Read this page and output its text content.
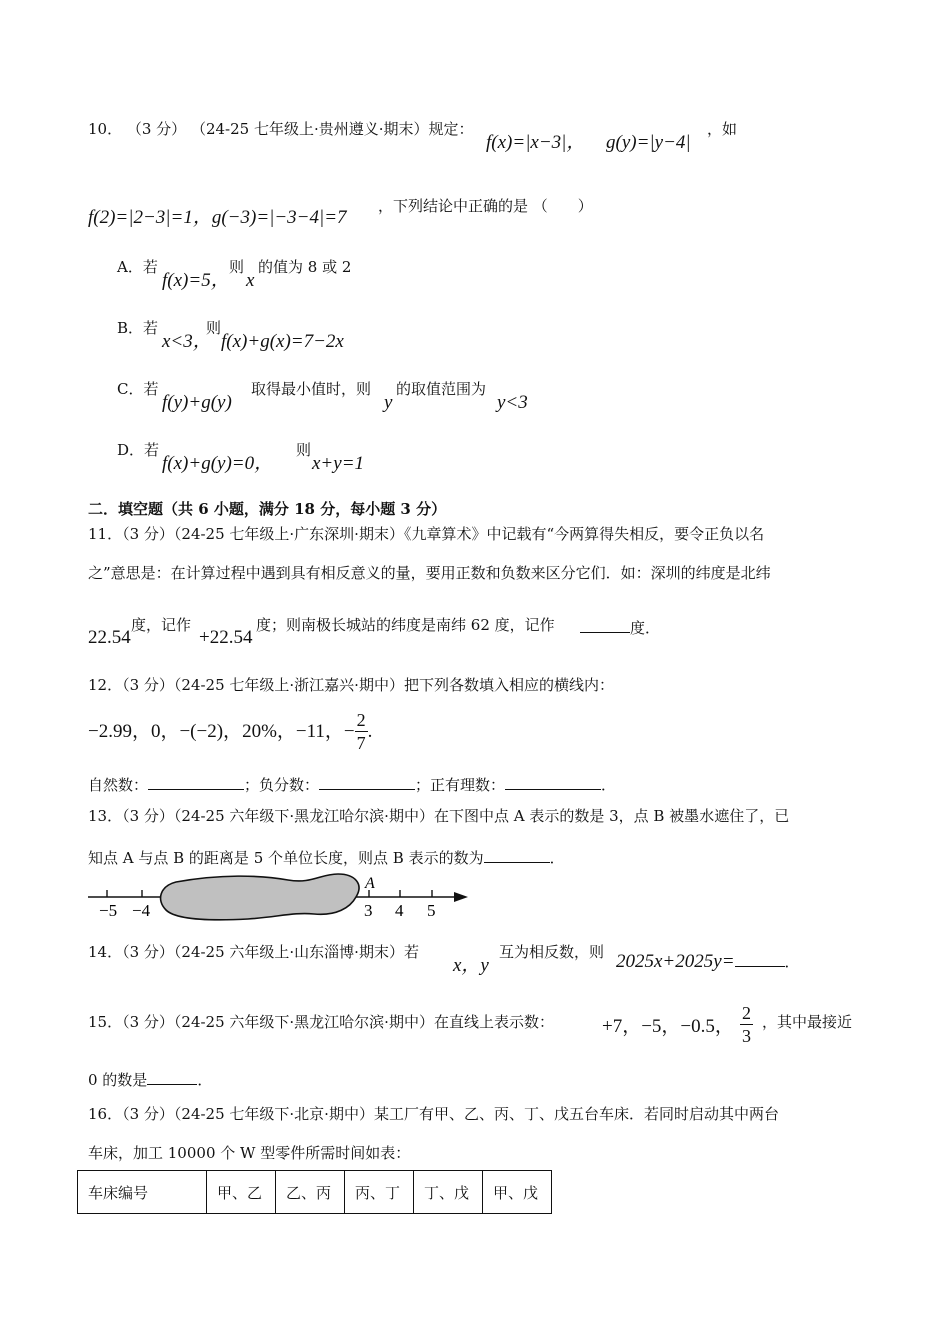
10． （3 分） （24-25 七年级上·贵州遵义·期末）规定：
f(x)=|x−3|， g(y)=|y−4|
，如
f(2)=|2−3|=1，g(−3)=|−3−4|=7
，下列结论中正确的是 （　　）
A．若
f(x)=5，
则
x
的值为 8 或 2
B．若
x<3，
则
f(x)+g(x)=7−2x
C．若
f(y)+g(y)
取得最小值时，则
y
的取值范围为
y<3
D．若
f(x)+g(y)=0，
则
x+y=1
二．填空题（共 6 小题，满分 18 分，每小题 3 分）
11．（3 分）（24-25 七年级上·广东深圳·期末）《九章算术》中记载有“今两算得失相反，要令正负以名
之”意思是：在计算过程中遇到具有相反意义的量，要用正数和负数来区分它们．如：深圳的纬度是北纬
22.54
度，记作
+22.54
度；则南极长城站的纬度是南纬 62 度，记作	度．
12．（3 分）（24-25 七年级上·浙江嘉兴·期中）把下列各数填入相应的横线内：
−2.99，0，−(−2)， 20% ，−11，− $\frac{2}{7}$ .
自然数：	；负分数：	；正有理数：	．
13．（3 分）（24-25 六年级下·黑龙江哈尔滨·期中）在下图中点 A 表示的数是 3，点 B 被墨水遮住了，已
知点 A 与点 B 的距离是 5 个单位长度，则点 B 表示的数为	．
−5 −4	3 4 5
A
14．（3 分）（24-25 六年级上·山东淄博·期末）若
x，y
互为相反数，则 2025x+2025y=	．
15．（3 分）（24-25 六年级下·黑龙江哈尔滨·期中）在直线上表示数：	+7，−5，−0.5， $\frac{2}{3}$ ，其中最接近
0 的数是	．
16．（3 分）（24-25 七年级下·北京·期中）某工厂有甲、乙、丙、丁、戊五台车床．若同时启动其中两台
车床，加工 10000 个 W 型零件所需时间如表：
车床编号	甲、乙	乙、丙	丙、丁	丁、戊	甲、戊
